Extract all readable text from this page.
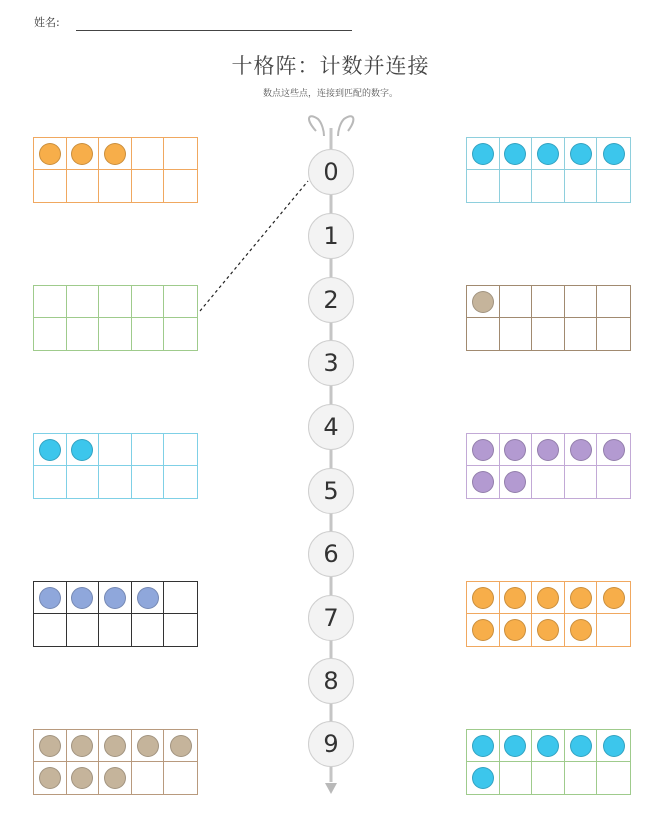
姓名:
十格阵：计数并连接
数点这些点，连接到匹配的数字。
0
1
2
3
4
5
6
7
8
9
